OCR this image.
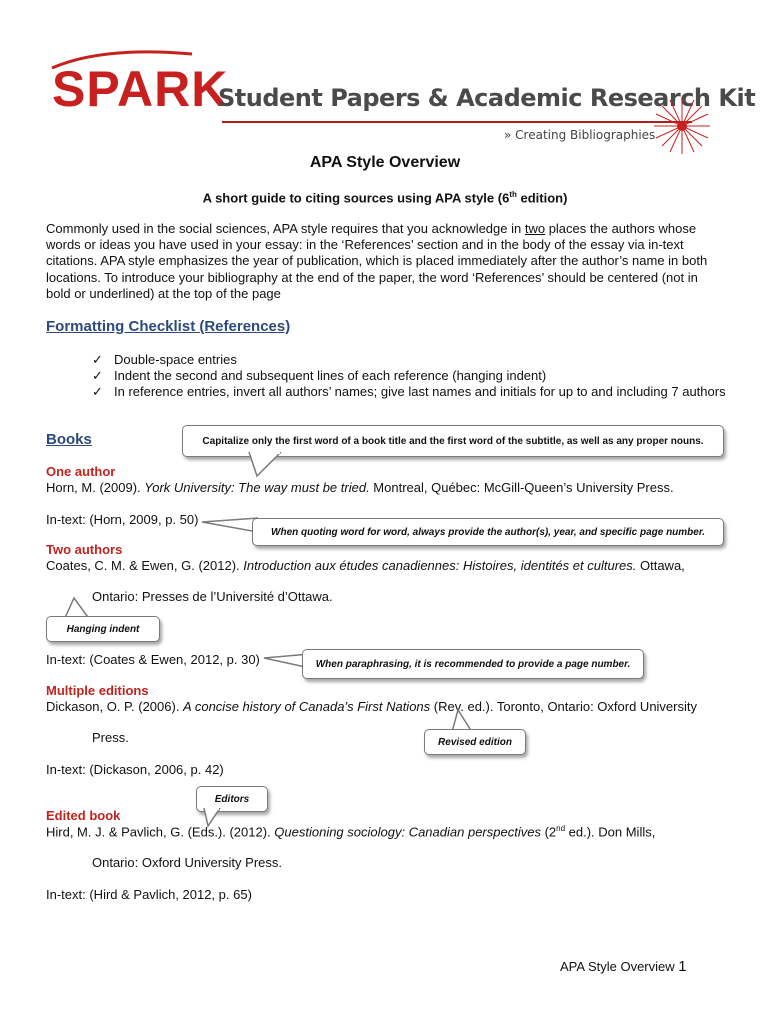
SPARK
Student Papers & Academic Research Kit
» Creating Bibliographies
APA Style Overview
A short guide to citing sources using APA style (6th edition)
Commonly used in the social sciences, APA style requires that you acknowledge in two places the authors whose words or ideas you have used in your essay: in the ‘References’ section and in the body of the essay via in-text citations. APA style emphasizes the year of publication, which is placed immediately after the author’s name in both locations. To introduce your bibliography at the end of the paper, the word ‘References’ should be centered (not in bold or underlined) at the top of the page
Formatting Checklist (References)
✓ Double-space entries
✓ Indent the second and subsequent lines of each reference (hanging indent)
✓ In reference entries, invert all authors’ names; give last names and initials for up to and including 7 authors
Books	Capitalize only the first word of a book title and the first word of the subtitle, as well as any proper nouns.
One author
Horn, M. (2009). York University: The way must be tried. Montreal, Québec: McGill-Queen’s University Press.
In-text: (Horn, 2009, p. 50)
When quoting word for word, always provide the author(s), year, and specific page number.
Two authors
Coates, C. M. & Ewen, G. (2012). Introduction aux études canadiennes: Histoires, identités et cultures. Ottawa,
Ontario: Presses de l’Université d’Ottawa.
Hanging indent
In-text: (Coates & Ewen, 2012, p. 30)	When paraphrasing, it is recommended to provide a page number.
Multiple editions
Dickason, O. P. (2006). A concise history of Canada’s First Nations (Rev. ed.). Toronto, Ontario: Oxford University
Press.	Revised edition
In-text: (Dickason, 2006, p. 42)
Editors
Edited book
Hird, M. J. & Pavlich, G. (Eds.). (2012). Questioning sociology: Canadian perspectives (2nd ed.). Don Mills,
Ontario: Oxford University Press.
In-text: (Hird & Pavlich, 2012, p. 65)
APA Style Overview 1
